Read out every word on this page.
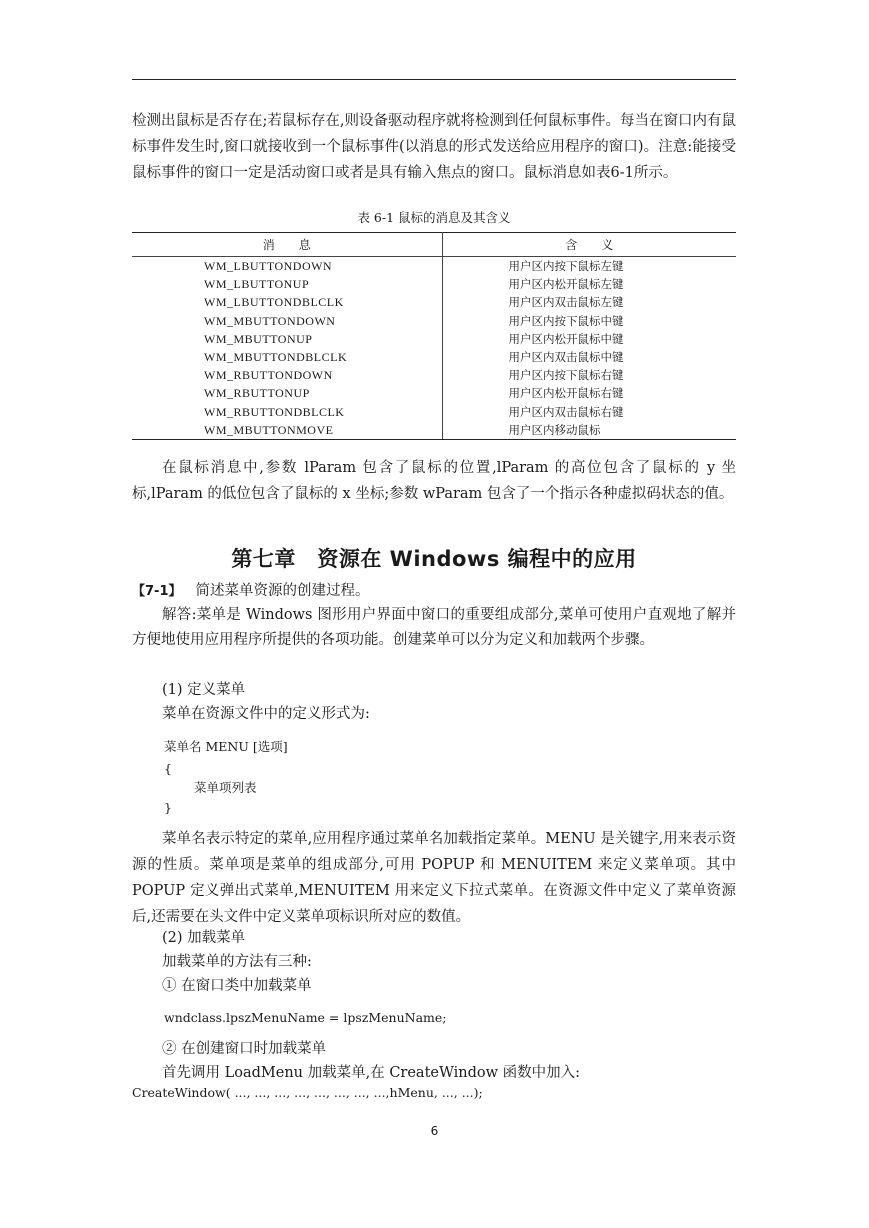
检测出鼠标是否存在;若鼠标存在,则设备驱动程序就将检测到任何鼠标事件。每当在窗口内有鼠标事件发生时,窗口就接收到一个鼠标事件(以消息的形式发送给应用程序的窗口)。注意:能接受鼠标事件的窗口一定是活动窗口或者是具有输入焦点的窗口。鼠标消息如表6-1所示。
表 6-1 鼠标的消息及其含义
消　　息	含　　义
WM_LBUTTONDOWN	用户区内按下鼠标左键
WM_LBUTTONUP	用户区内松开鼠标左键
WM_LBUTTONDBLCLK	用户区内双击鼠标左键
WM_MBUTTONDOWN	用户区内按下鼠标中键
WM_MBUTTONUP	用户区内松开鼠标中键
WM_MBUTTONDBLCLK	用户区内双击鼠标中键
WM_RBUTTONDOWN	用户区内按下鼠标右键
WM_RBUTTONUP	用户区内松开鼠标右键
WM_RBUTTONDBLCLK	用户区内双击鼠标右键
WM_MBUTTONMOVE	用户区内移动鼠标
在鼠标消息中,参数 lParam 包含了鼠标的位置,lParam 的高位包含了鼠标的 y 坐标,lParam 的低位包含了鼠标的 x 坐标;参数 wParam 包含了一个指示各种虚拟码状态的值。
第七章　资源在 Windows 编程中的应用
【7-1】 简述菜单资源的创建过程。
解答:菜单是 Windows 图形用户界面中窗口的重要组成部分,菜单可使用户直观地了解并方便地使用应用程序所提供的各项功能。创建菜单可以分为定义和加载两个步骤。
(1) 定义菜单
菜单在资源文件中的定义形式为:
菜单名 MENU [选项]
{
菜单项列表
}
菜单名表示特定的菜单,应用程序通过菜单名加载指定菜单。MENU 是关键字,用来表示资源的性质。菜单项是菜单的组成部分,可用 POPUP 和 MENUITEM 来定义菜单项。其中 POPUP 定义弹出式菜单,MENUITEM 用来定义下拉式菜单。在资源文件中定义了菜单资源后,还需要在头文件中定义菜单项标识所对应的数值。
(2) 加载菜单
加载菜单的方法有三种:
① 在窗口类中加载菜单
wndclass.lpszMenuName = lpszMenuName;
② 在创建窗口时加载菜单
首先调用 LoadMenu 加载菜单,在 CreateWindow 函数中加入:
CreateWindow( ..., ..., ..., ..., ..., ..., ..., ...,hMenu, ..., ...);
6
